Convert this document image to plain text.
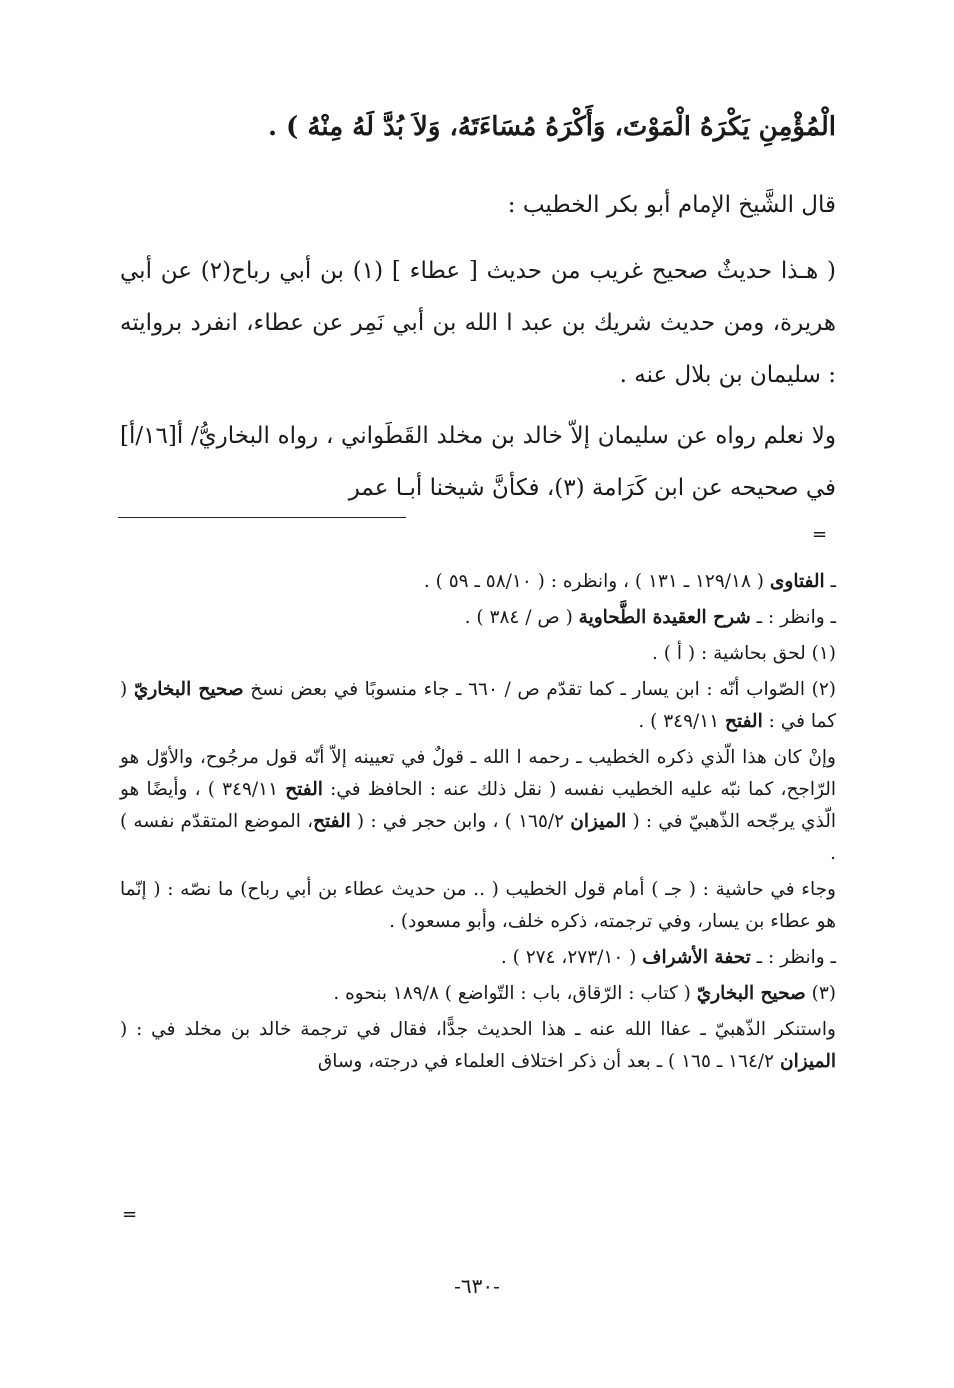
الْمُؤْمِنِ يَكْرَهُ الْمَوْتَ، وَأَكْرَهُ مُسَاءَتَهُ، وَلاَ بُدَّ لَهُ مِنْهُ ) .

قال الشَّيخ الإمام أبو بكر الخطيب :

( هـذا حديثٌ صحيح غريب من حديث [ عطاء ] (١) بن أبي رباح(٢) عن أبي هريرة، ومن حديث شريك بن عبد ا الله بن أبي نَمِر عن عطاء، انفرد بروايته : سليمان بن بلال عنه .

ولا نعلم رواه عن سليمان إلاّ خالد بن مخلد القَطَواني ، رواه البخاريُّ/ أ[١٦/أ] في صحيحه عن ابن كَرَامة (٣)، فكأنَّ شيخنا أبـا عمر

=

ـ الفتاوى ( ١٢٩/١٨ ـ ١٣١ ) ، وانظره : ( ٥٨/١٠ ـ ٥٩ ) .

ـ وانظر : ـ شرح العقيدة الطَّحاوية ( ص / ٣٨٤ ) .

(١) لحق بحاشية : ( أ ) .

(٢) الصّواب أنّه : ابن يسار ـ كما تقدّم ص / ٦٦٠ ـ جاء منسوبًا في بعض نسخ صحيح البخاريّ ( كما في : الفتح ٣٤٩/١١ ) .

وإنْ كان هذا الّذي ذكره الخطيب ـ رحمه ا الله ـ قولٌ في تعيينه إلاّ أنّه قول مرجُوح، والأوّل هو الرّاجح، كما نبّه عليه الخطيب نفسه ( نقل ذلك عنه : الحافظ في: الفتح ٣٤٩/١١ ) ، وأيضًا هو الّذي يرجّحه الذّهبيّ في : ( الميزان ١٦٥/٢ ) ، وابن حجر في : ( الفتح، الموضع المتقدّم نفسه ) .

وجاء في حاشية : ( جـ ) أمام قول الخطيب ( .. من حديث عطاء بن أبي رباح) ما نصّه : ( إنّما هو عطاء بن يسار، وفي ترجمته، ذكره خلف، وأبو مسعود) .

ـ وانظر : ـ تحفة الأشراف ( ٢٧٣/١٠، ٢٧٤ ) .

(٣) صحيح البخاريّ ( كتاب : الرّقاق، باب : التّواضع ) ١٨٩/٨ بنحوه .

واستنكر الذّهبيّ ـ عفاا الله عنه ـ هذا الحديث جدًّا، فقال في ترجمة خالد بن مخلد في : ( الميزان ١٦٤/٢ ـ ١٦٥ ) ـ بعد أن ذكر اختلاف العلماء في درجته، وساق

=
-٦٣٠-
